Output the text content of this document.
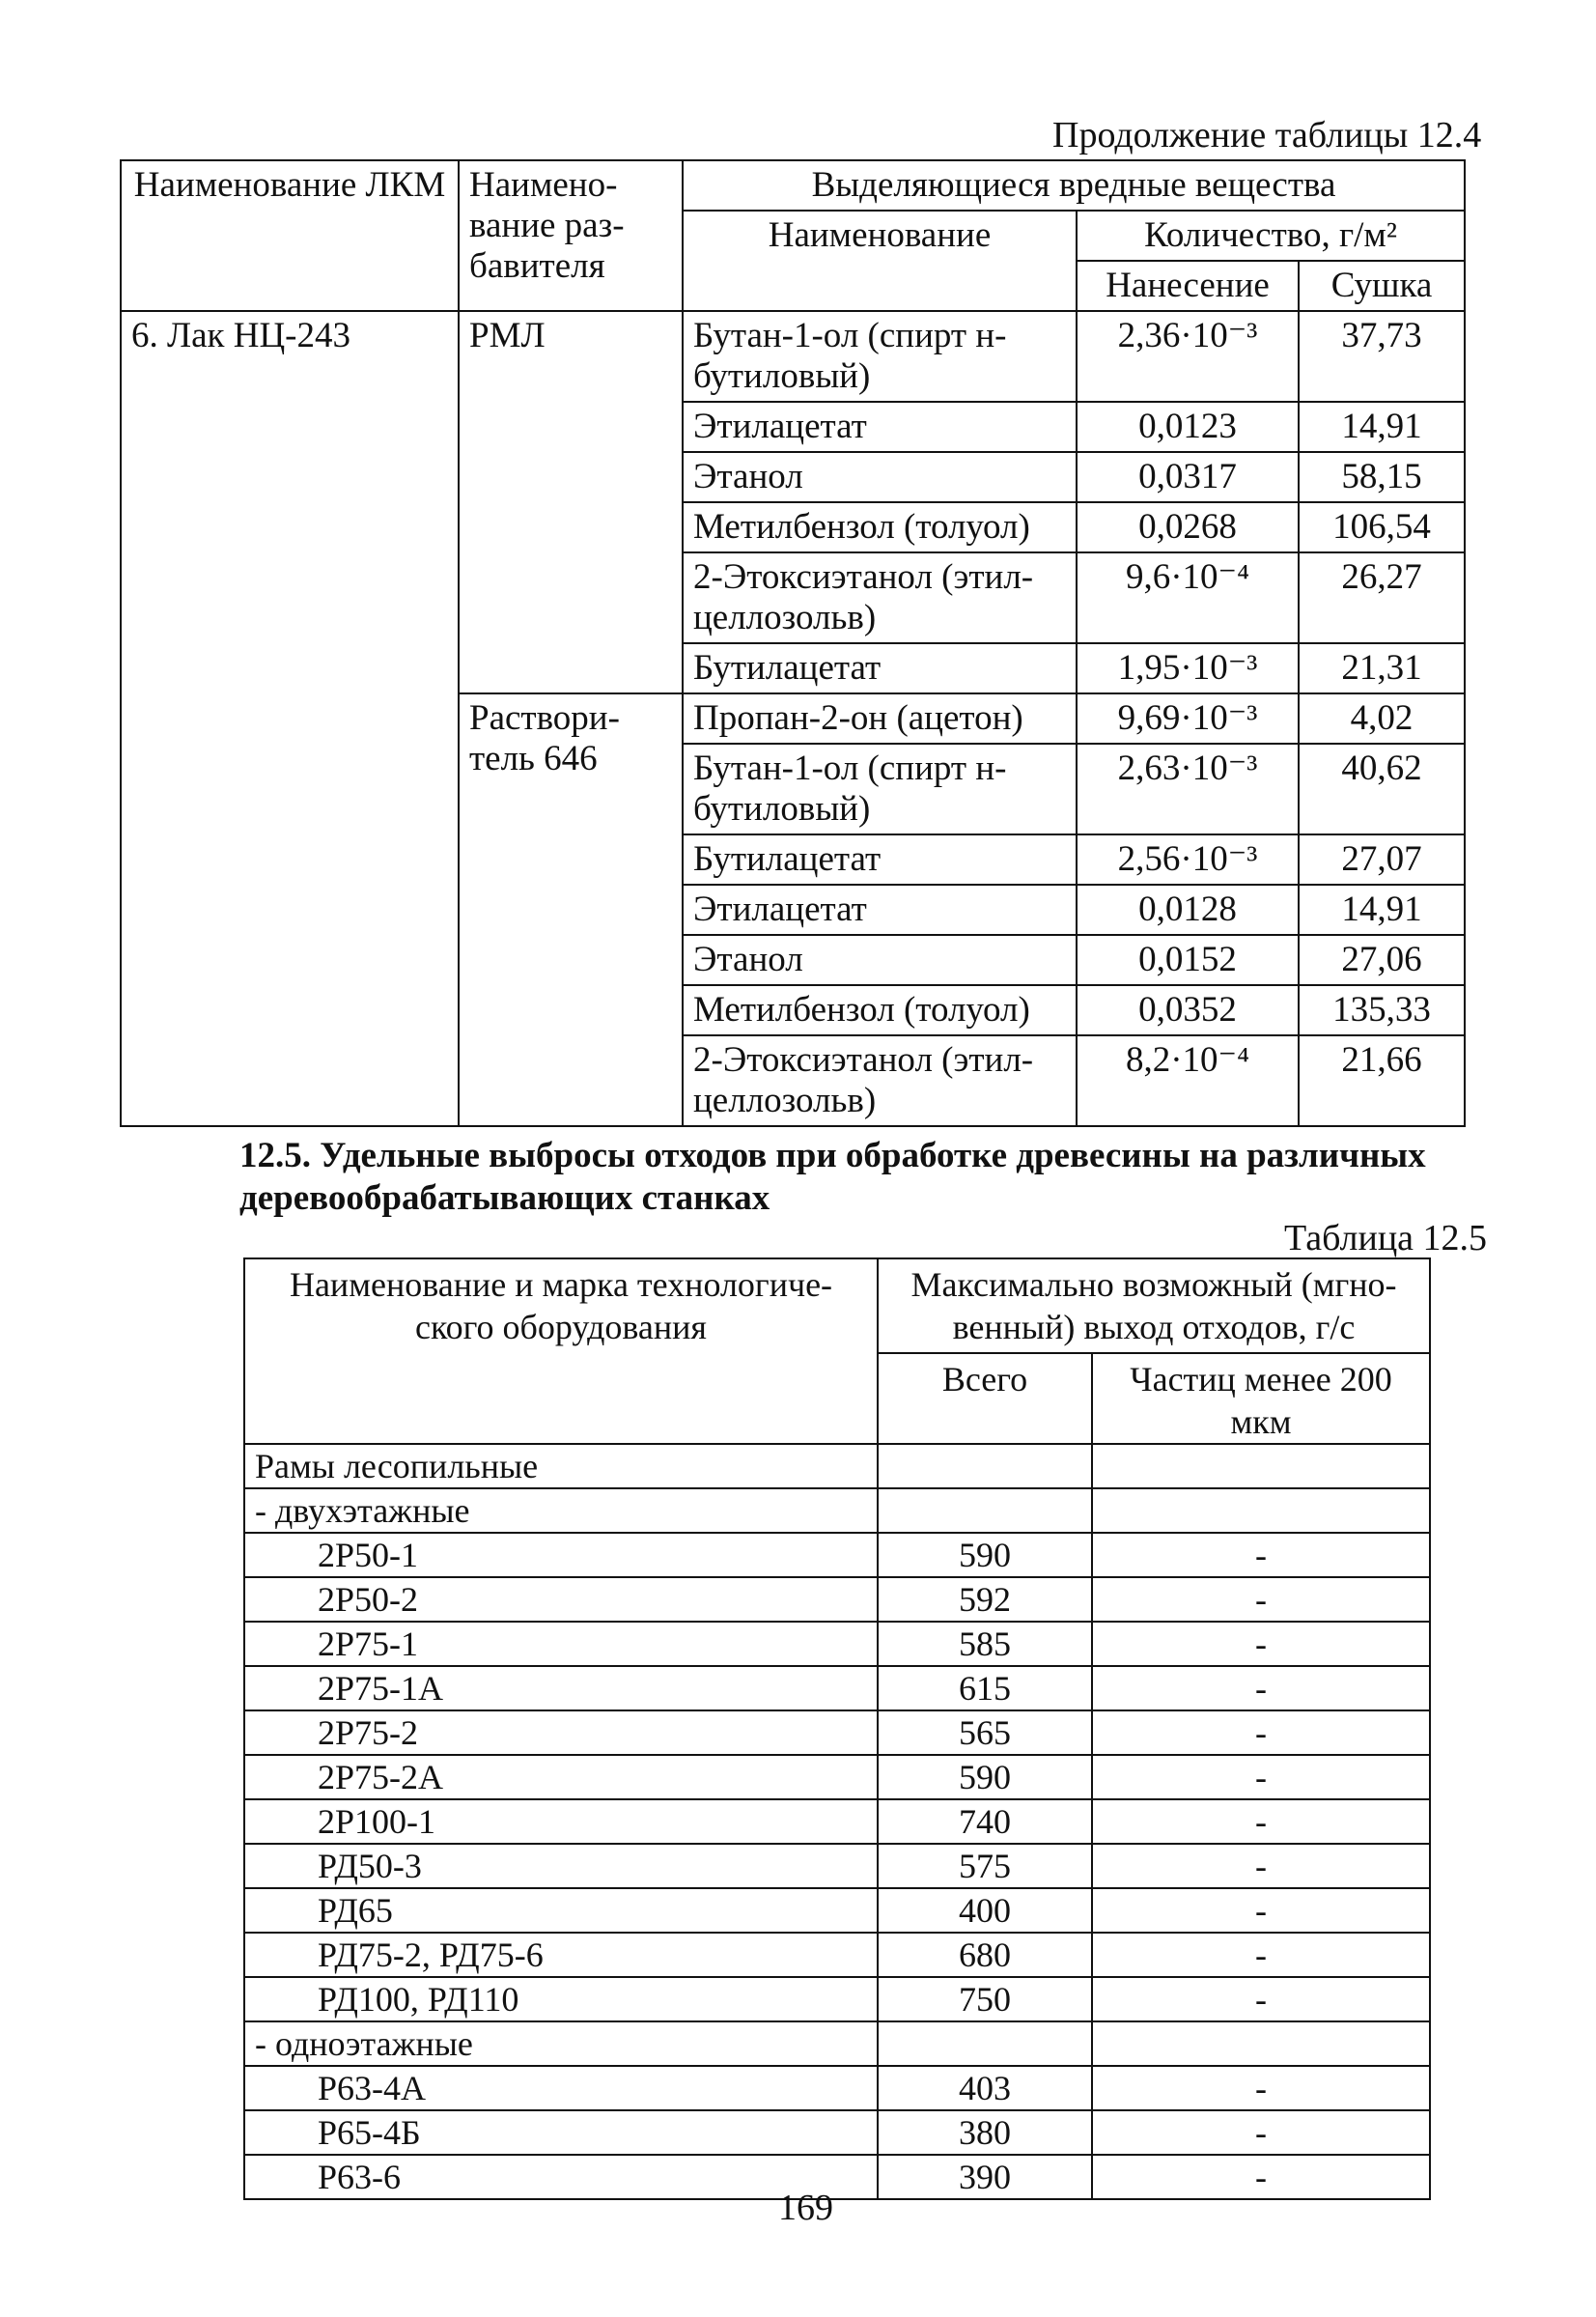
Продолжение таблицы 12.4
Наименование ЛКМ	Наимено-вание раз-бавителя	Выделяющиеся вредные вещества		
		Наименование	Количество, г/м²	
			Нанесение	Сушка
6. Лак НЦ-243	РМЛ	Бутан-1-ол (спирт н-бутиловый)	2,36·10⁻³	37,73
		Этилацетат	0,0123	14,91
		Этанол	0,0317	58,15
		Метилбензол (толуол)	0,0268	106,54
		2-Этоксиэтанол (этил-целлозольв)	9,6·10⁻⁴	26,27
		Бутилацетат	1,95·10⁻³	21,31
	Раствори-тель 646	Пропан-2-он (ацетон)	9,69·10⁻³	4,02
		Бутан-1-ол (спирт н-бутиловый)	2,63·10⁻³	40,62
		Бутилацетат	2,56·10⁻³	27,07
		Этилацетат	0,0128	14,91
		Этанол	0,0152	27,06
		Метилбензол (толуол)	0,0352	135,33
		2-Этоксиэтанол (этил-целлозольв)	8,2·10⁻⁴	21,66
12.5. Удельные выбросы отходов при обработке древесины на различных деревообрабатывающих станках
Таблица 12.5
Наименование и марка технологиче-ского оборудования	Максимально возможный (мгно-венный) выход отходов, г/с	
	Всего	Частиц менее 200 мкм
Рамы лесопильные		
- двухэтажные		
2Р50-1	590	-
2Р50-2	592	-
2Р75-1	585	-
2Р75-1А	615	-
2Р75-2	565	-
2Р75-2А	590	-
2Р100-1	740	-
РД50-3	575	-
РД65	400	-
РД75-2, РД75-6	680	-
РД100, РД110	750	-
- одноэтажные		
Р63-4А	403	-
Р65-4Б	380	-
Р63-6	390	-
169
